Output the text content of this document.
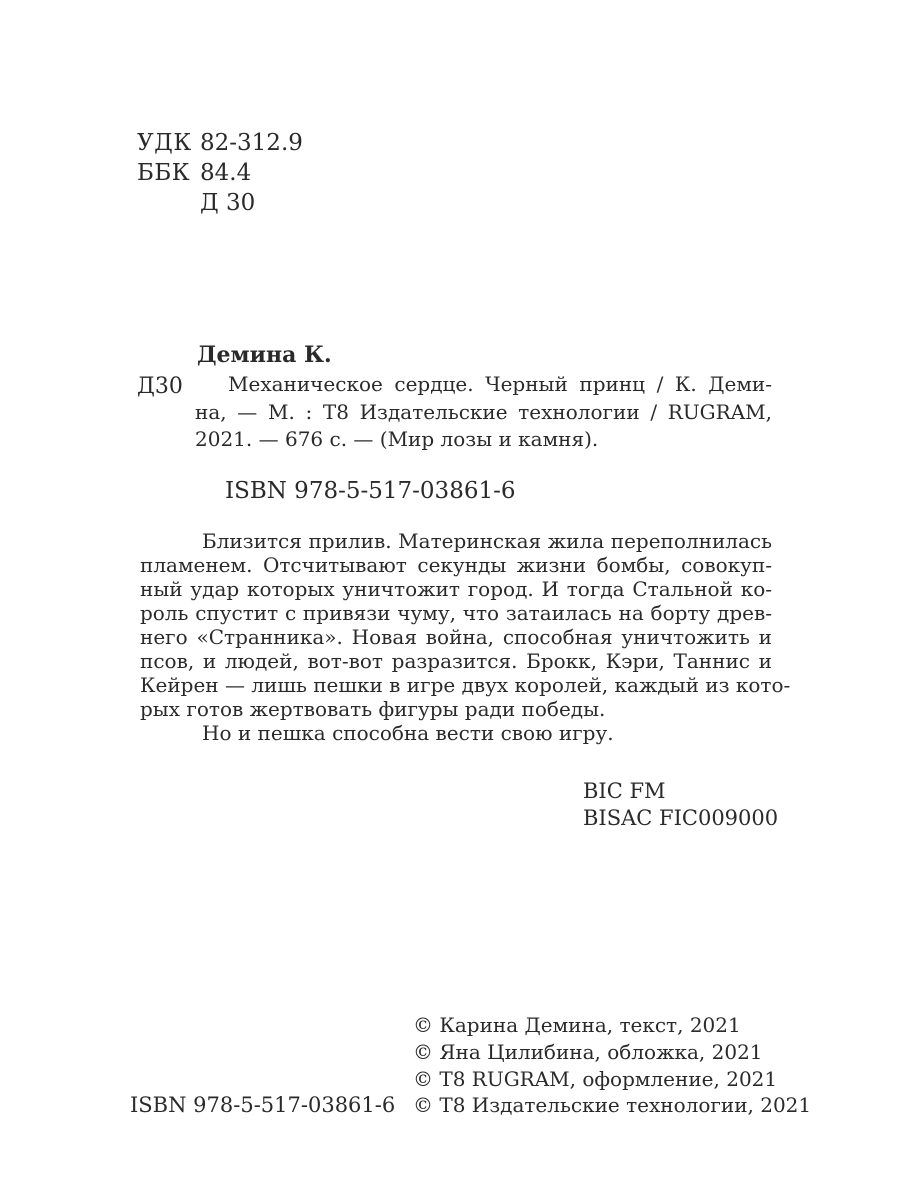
УДК 82-312.9
ББК 84.4
Д 30
Демина К.
Д30	Механическое сердце. Черный принц / К. Деми-
на, — М. : Т8 Издательские технологии / RUGRAM,
2021. — 676 с. — (Мир лозы и камня).
ISBN 978-5-517-03861-6
Близится прилив. Материнская жила переполнилась
пламенем. Отсчитывают секунды жизни бомбы, совокуп-
ный удар которых уничтожит город. И тогда Стальной ко-
роль спустит с привязи чуму, что затаилась на борту древ-
него «Странника». Новая война, способная уничтожить и
псов, и людей, вот-вот разразится. Брокк, Кэри, Таннис и
Кейрен — лишь пешки в игре двух королей, каждый из кото-
рых готов жертвовать фигуры ради победы.
Но и пешка способна вести свою игру.
BIC FM
BISAC FIC009000
© Карина Демина, текст, 2021
© Яна Цилибина, обложка, 2021
© Т8 RUGRAM, оформление, 2021
© Т8 Издательские технологии, 2021
ISBN 978-5-517-03861-6
